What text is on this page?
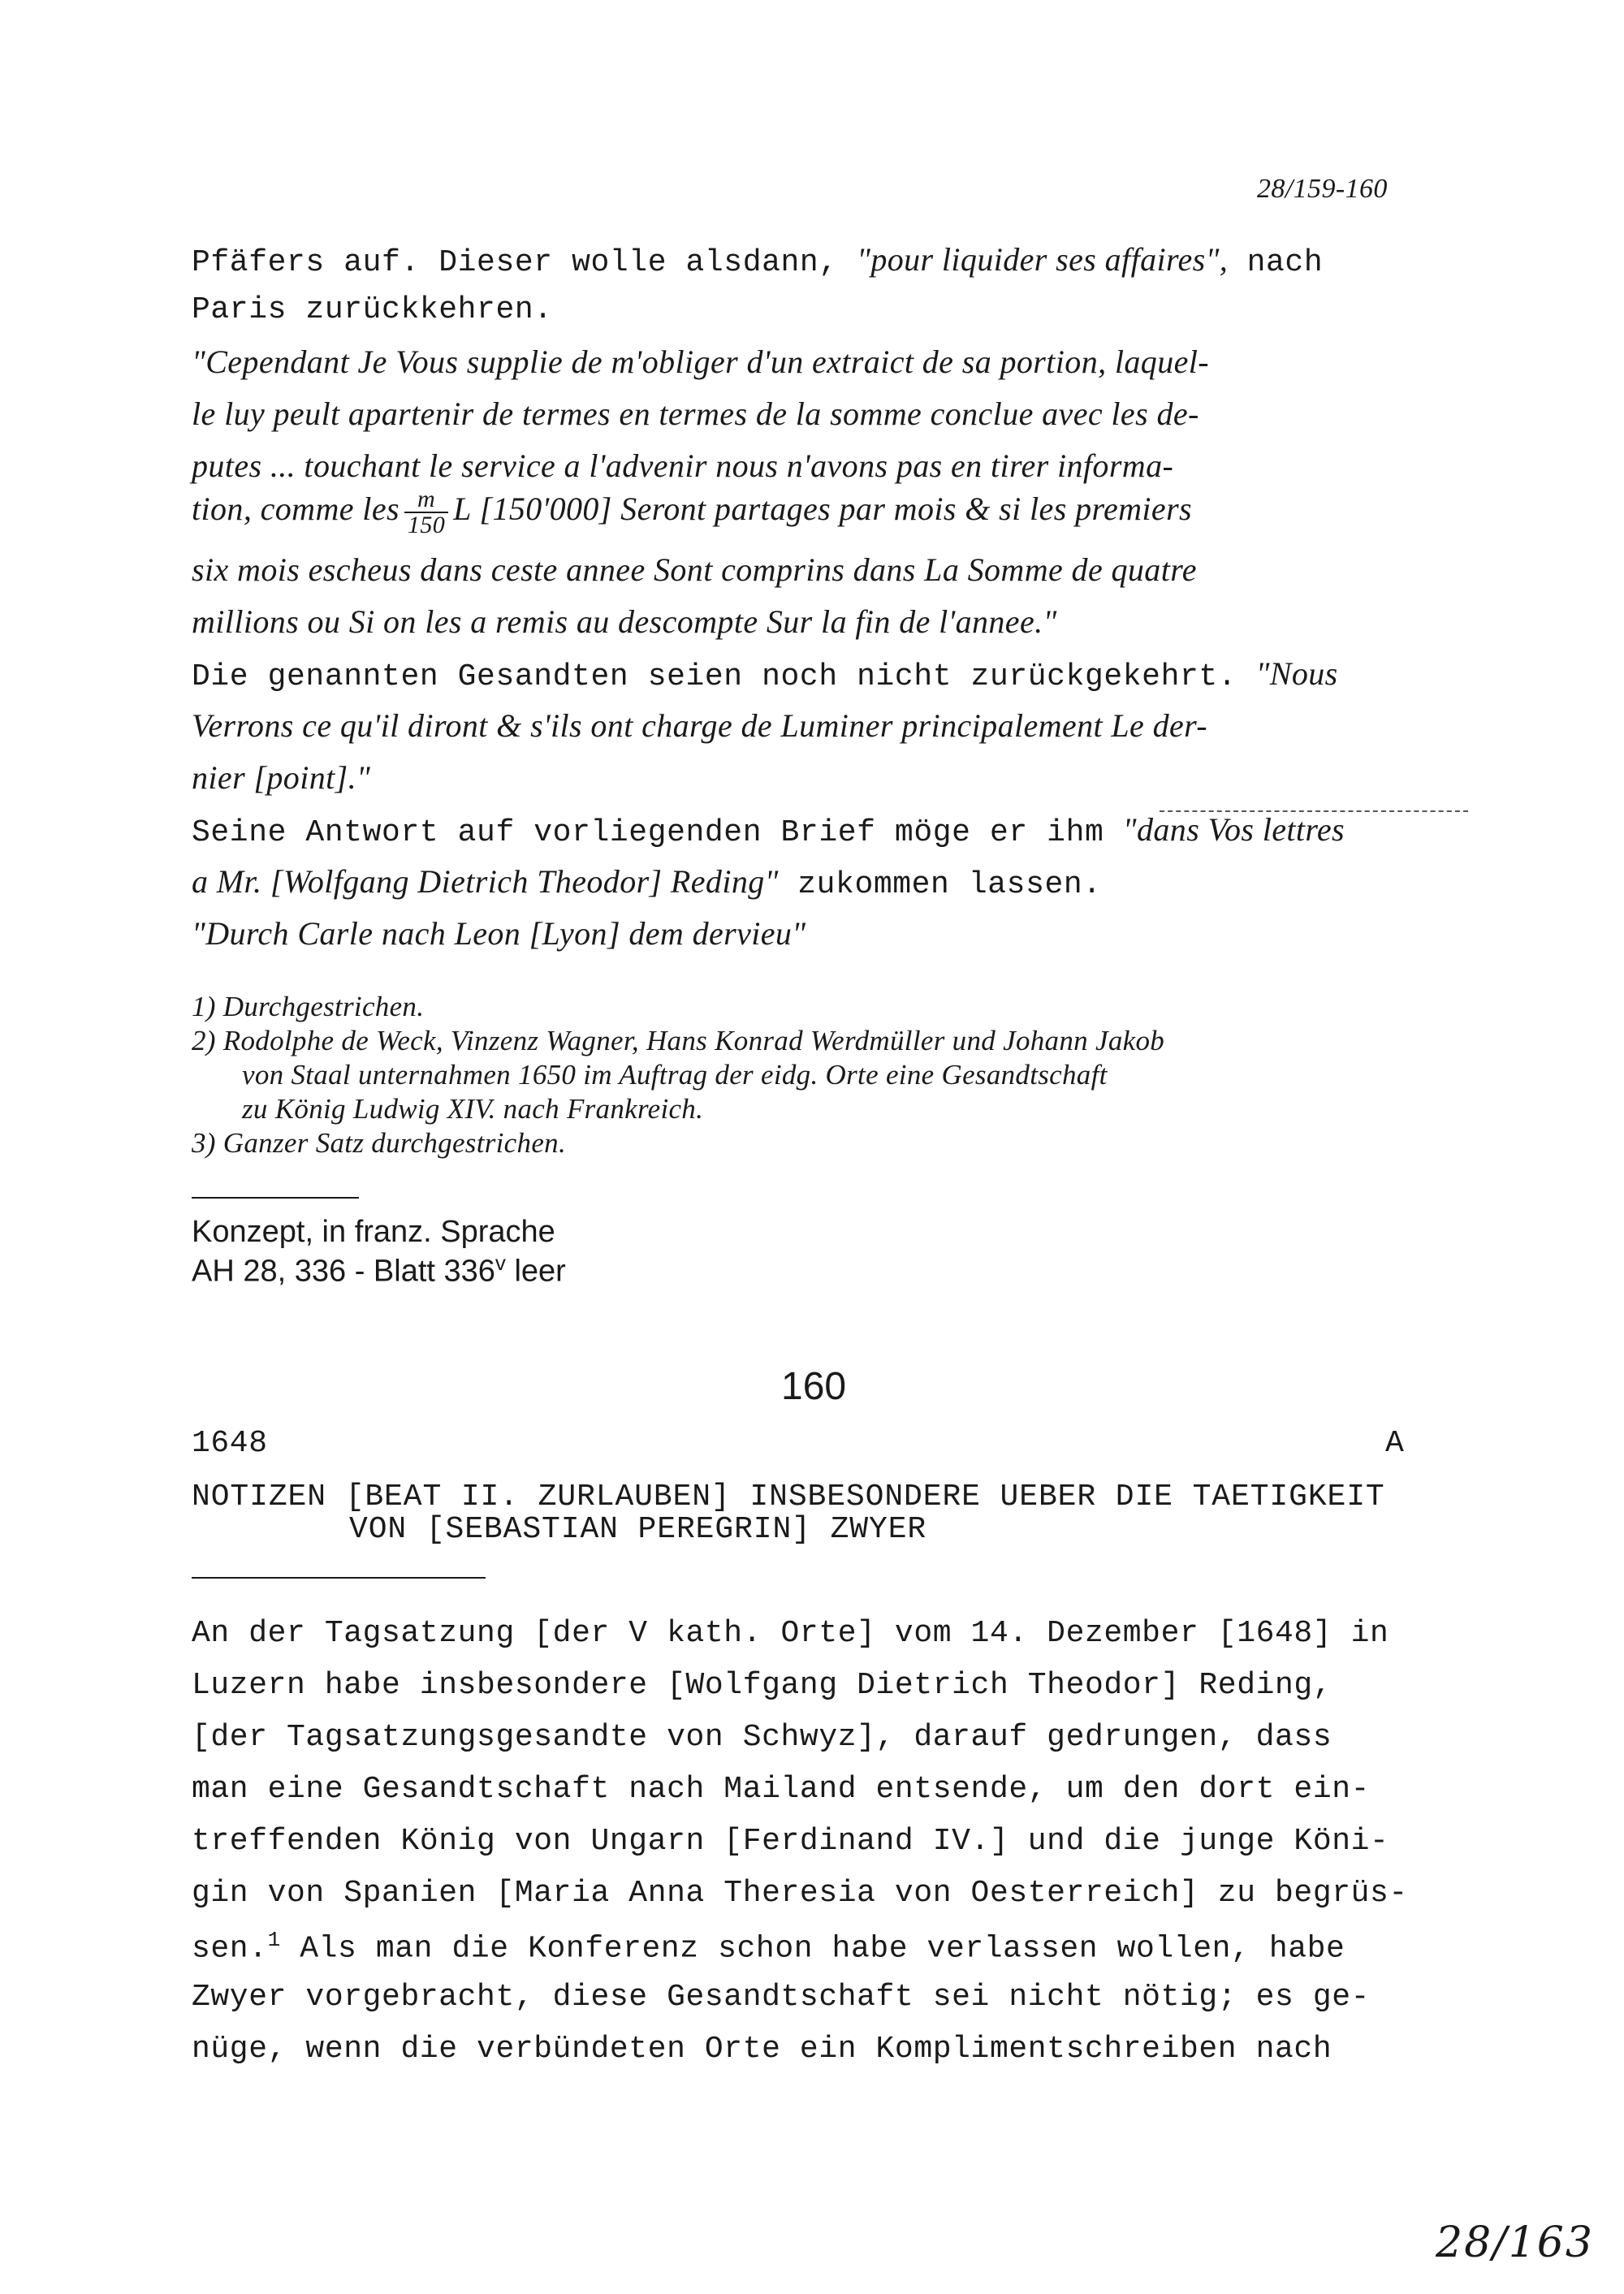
28/159-160
Pfäfers auf. Dieser wolle alsdann, "pour liquider ses affaires", nach
Paris zurückkehren.
"Cependant Je Vous supplie de m'obliger d'un extraict de sa portion, laquel-
le luy peult apartenir de termes en termes de la somme conclue avec les de-
putes ... touchant le service a l'advenir nous n'avons pas en tirer informa-
tion, comme les $\frac{m}{150}$ L [150'000] Seront partages par mois & si les premiers
six mois escheus dans ceste annee Sont comprins dans La Somme de quatre
millions ou Si on les a remis au descompte Sur la fin de l'annee."
Die genannten Gesandten seien noch nicht zurückgekehrt. "Nous
Verrons ce qu'il diront & s'ils ont charge de Luminer principalement Le der-
nier [point]."
Seine Antwort auf vorliegenden Brief möge er ihm "dans Vos lettres
a Mr. [Wolfgang Dietrich Theodor] Reding" zukommen lassen.
"Durch Carle nach Leon [Lyon] dem dervieu"
1) Durchgestrichen.
2) Rodolphe de Weck, Vinzenz Wagner, Hans Konrad Werdmüller und Johann Jakob
von Staal unternahmen 1650 im Auftrag der eidg. Orte eine Gesandtschaft
zu König Ludwig XIV. nach Frankreich.
3) Ganzer Satz durchgestrichen.
Konzept, in franz. Sprache
AH 28, 336 - Blatt 336$^v$ leer
160
1648	A
NOTIZEN [BEAT II. ZURLAUBEN] INSBESONDERE UEBER DIE TAETIGKEIT
VON [SEBASTIAN PEREGRIN] ZWYER
An der Tagsatzung [der V kath. Orte] vom 14. Dezember [1648] in
Luzern habe insbesondere [Wolfgang Dietrich Theodor] Reding,
[der Tagsatzungsgesandte von Schwyz], darauf gedrungen, dass
man eine Gesandtschaft nach Mailand entsende, um den dort ein-
treffenden König von Ungarn [Ferdinand IV.] und die junge Köni-
gin von Spanien [Maria Anna Theresia von Oesterreich] zu begrüs-
sen.$^1$ Als man die Konferenz schon habe verlassen wollen, habe
Zwyer vorgebracht, diese Gesandtschaft sei nicht nötig; es ge-
nüge, wenn die verbündeten Orte ein Komplimentschreiben nach
28/163
